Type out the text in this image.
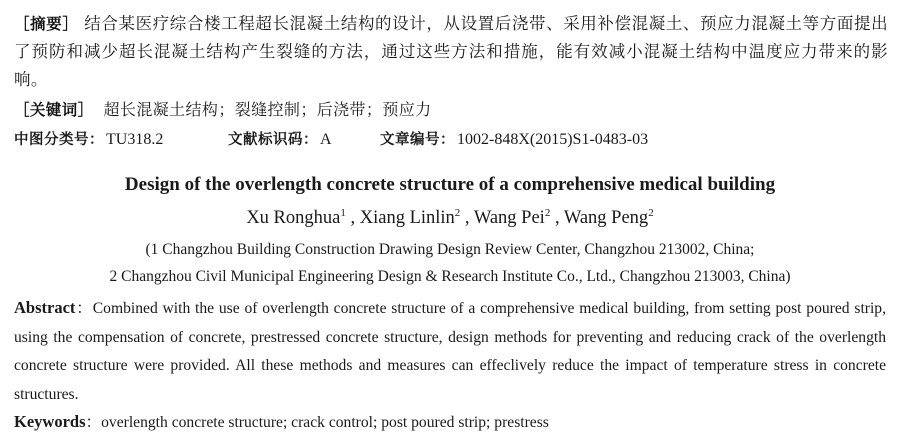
［摘要］ 结合某医疗综合楼工程超长混凝土结构的设计，从设置后浇带、采用补偿混凝土、预应力混凝土等方面提出了预防和减少超长混凝土结构产生裂缝的方法，通过这些方法和措施，能有效减小混凝土结构中温度应力带来的影响。
［关键词］ 超长混凝土结构；裂缝控制；后浇带；预应力
中图分类号： TU318.2	文献标识码： A	文章编号： 1002-848X(2015)S1-0483-03
Design of the overlength concrete structure of a comprehensive medical building
Xu Ronghua$^1$ , Xiang Linlin$^2$ , Wang Pei$^2$ , Wang Peng$^2$
(1 Changzhou Building Construction Drawing Design Review Center, Changzhou 213002, China;
2 Changzhou Civil Municipal Engineering Design & Research Institute Co., Ltd., Changzhou 213003, China)
Abstract：Combined with the use of overlength concrete structure of a comprehensive medical building, from setting post poured strip, using the compensation of concrete, prestressed concrete structure, design methods for preventing and reducing crack of the overlength concrete structure were provided. All these methods and measures can effeclively reduce the impact of temperature stress in concrete structures.
Keywords：overlength concrete structure; crack control; post poured strip; prestress
